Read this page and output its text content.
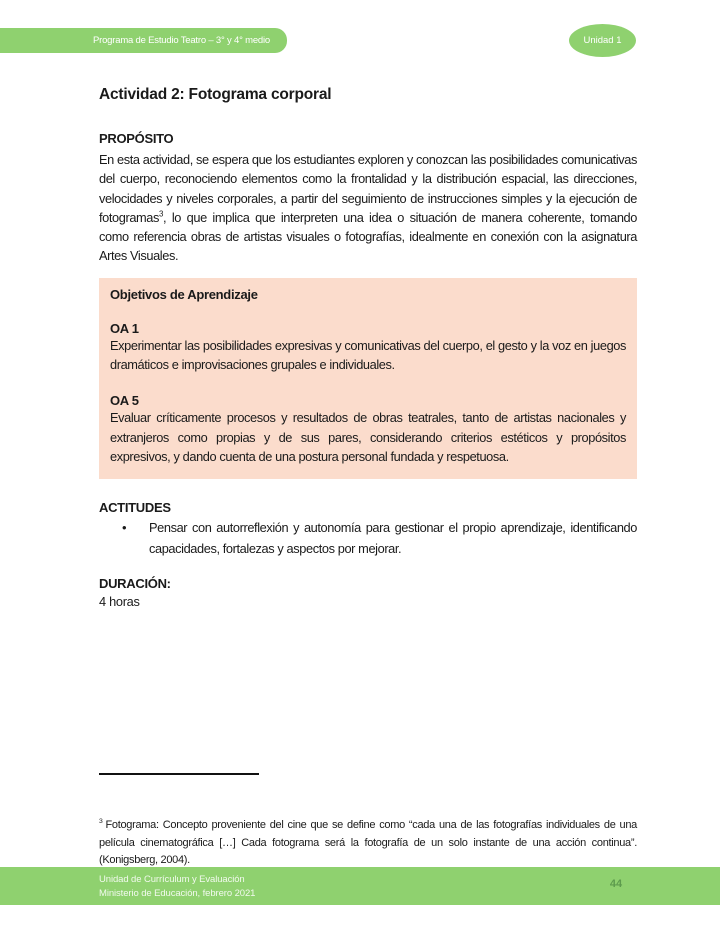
Programa de Estudio Teatro – 3° y 4° medio	Unidad 1
Actividad 2: Fotograma corporal
PROPÓSITO

En esta actividad, se espera que los estudiantes exploren y conozcan las posibilidades comunicativas del cuerpo, reconociendo elementos como la frontalidad y la distribución espacial, las direcciones, velocidades y niveles corporales, a partir del seguimiento de instrucciones simples y la ejecución de fotogramas$^3$, lo que implica que interpreten una idea o situación de manera coherente, tomando como referencia obras de artistas visuales o fotografías, idealmente en conexión con la asignatura Artes Visuales.

Objetivos de Aprendizaje
OA 1

Experimentar las posibilidades expresivas y comunicativas del cuerpo, el gesto y la voz en juegos dramáticos e improvisaciones grupales e individuales.

OA 5

Evaluar críticamente procesos y resultados de obras teatrales, tanto de artistas nacionales y extranjeros como propias y de sus pares, considerando criterios estéticos y propósitos expresivos, y dando cuenta de una postura personal fundada y respetuosa.

ACTITUDES
•	Pensar con autorreflexión y autonomía para gestionar el propio aprendizaje, identificando capacidades, fortalezas y aspectos por mejorar.
DURACIÓN:

4 horas

$^3$ Fotograma: Concepto proveniente del cine que se define como “cada una de las fotografías individuales de una película cinematográfica […] Cada fotograma será la fotografía de un solo instante de una acción continua”. (Konigsberg, 2004).

Unidad de Currículum y Evaluación
Ministerio de Educación, febrero 2021
44
